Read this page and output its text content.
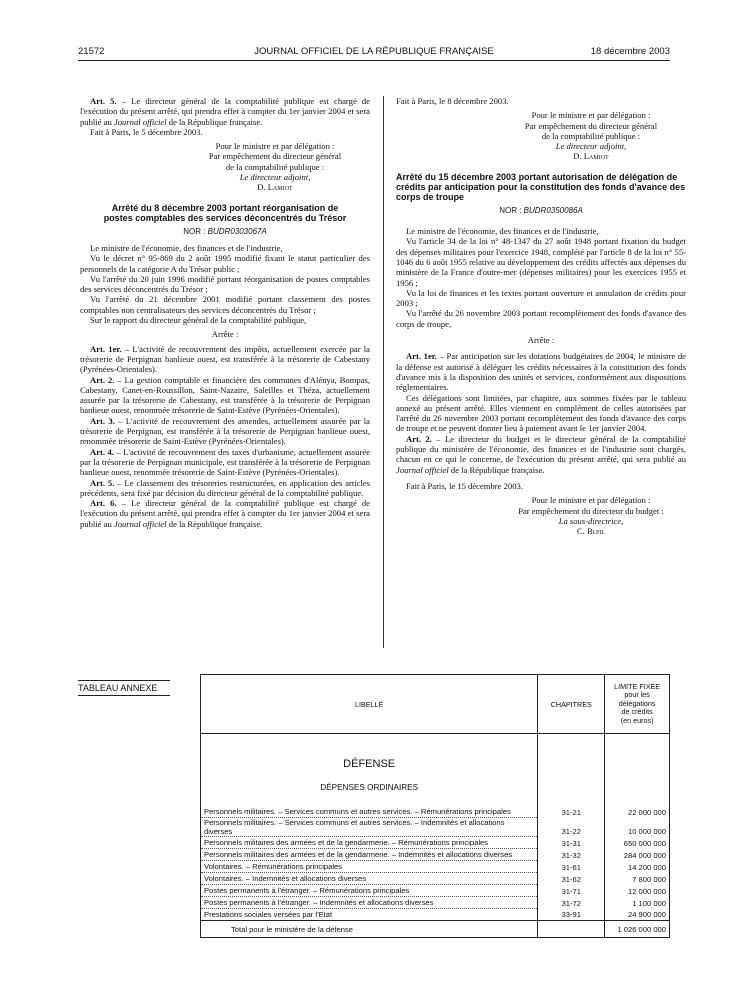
21572	JOURNAL OFFICIEL DE LA RÉPUBLIQUE FRANÇAISE	18 décembre 2003

Art. 5. – Le directeur général de la comptabilité publique est chargé de l'exécution du présent arrêté, qui prendra effet à compter du 1er janvier 2004 et sera publié au Journal officiel de la République française.

Fait à Paris, le 5 décembre 2003.

Pour le ministre et par délégation :
Par empêchement du directeur général
de la comptabilité publique :
Le directeur adjoint,
D. Lamiot
Arrêté du 8 décembre 2003 portant réorganisation de postes comptables des services déconcentrés du Trésor
NOR : BUDR0303067A

Le ministre de l'économie, des finances et de l'industrie,

Vu le décret n° 95-869 du 2 août 1995 modifié fixant le statut particulier des personnels de la catégorie A du Trésor public ;

Vu l'arrêté du 20 juin 1996 modifié portant réorganisation de postes comptables des services déconcentrés du Trésor ;

Vu l'arrêté du 21 décembre 2001 modifié portant classement des postes comptables non centralisateurs des services déconcentrés du Trésor ;

Sur le rapport du directeur général de la comptabilité publique,

Arrête :

Art. 1er. – L'activité de recouvrement des impôts, actuellement exercée par la trésorerie de Perpignan banlieue ouest, est transférée à la trésorerie de Cabestany (Pyrénées-Orientales).

Art. 2. – La gestion comptable et financière des communes d'Alénya, Bompas, Cabestany, Canet-en-Roussillon, Saint-Nazaire, Saleilles et Théza, actuellement assurée par la trésorerie de Cabestany, est transférée à la trésorerie de Perpignan banlieue ouest, renommée trésorerie de Saint-Estève (Pyrénées-Orientales).

Art. 3. – L'activité de recouvrement des amendes, actuellement assurée par la trésorerie de Perpignan, est transférée à la trésorerie de Perpignan banlieue ouest, renommée trésorerie de Saint-Estève (Pyrénées-Orientales).

Art. 4. – L'activité de recouvrement des taxes d'urbanisme, actuellement assurée par la trésorerie de Perpignan municipale, est transférée à la trésorerie de Perpignan banlieue ouest, renommée trésorerie de Saint-Estève (Pyrénées-Orientales).

Art. 5. – Le classement des trésoreries restructurées, en application des articles précédents, sera fixé par décision du directeur général de la comptabilité publique.

Art. 6. – Le directeur général de la comptabilité publique est chargé de l'exécution du présent arrêté, qui prendra effet à compter du 1er janvier 2004 et sera publié au Journal officiel de la République française.

Fait à Paris, le 8 décembre 2003.

Pour le ministre et par délégation :
Par empêchement du directeur général
de la comptabilité publique :
Le directeur adjoint,
D. Lamiot
Arrêté du 15 décembre 2003 portant autorisation de délégation de crédits par anticipation pour la constitution des fonds d'avance des corps de troupe
NOR : BUDR0350086A

Le ministre de l'économie, des finances et de l'industrie,

Vu l'article 34 de la loi n° 48-1347 du 27 août 1948 portant fixation du budget des dépenses militaires pour l'exercice 1948, complété par l'article 8 de la loi n° 55-1046 du 6 août 1955 relative au développement des crédits affectés aux dépenses du ministère de la France d'outre-mer (dépenses militaires) pour les exercices 1955 et 1956 ;

Vu la loi de finances et les textes portant ouverture et annulation de crédits pour 2003 ;

Vu l'arrêté du 26 novembre 2003 portant recomplètement des fonds d'avance des corps de troupe,

Arrête :

Art. 1er. – Par anticipation sur les dotations budgétaires de 2004, le ministre de la défense est autorisé à déléguer les crédits nécessaires à la constitution des fonds d'avance mis à la disposition des unités et services, conformément aux dispositions réglementaires.

Ces délégations sont limitées, par chapitre, aux sommes fixées par le tableau annexé au présent arrêté. Elles viennent en complément de celles autorisées par l'arrêté du 26 novembre 2003 portant recomplètement des fonds d'avance des corps de troupe et ne peuvent donner lieu à paiement avant le 1er janvier 2004.

Art. 2. – Le directeur du budget et le directeur général de la comptabilité publique du ministère de l'économie, des finances et de l'industrie sont chargés, chacun en ce qui le concerne, de l'exécution du présent arrêté, qui sera publié au Journal officiel de la République française.

Fait à Paris, le 15 décembre 2003.

Pour le ministre et par délégation :
Par empêchement du directeur du budget :
La sous-directrice,
C. Buhl
TABLEAU ANNEXE
LIBELLÉ	CHAPITRES	LIMITE FIXÉE
pour les
délégations
de crédits
(en euros)

DÉFENSE		
DÉPENSES ORDINAIRES		

Personnels militaires. – Services communs et autres services. – Rémunérations principales	31-21	22 000 000
Personnels militaires. – Services communs et autres services. – Indemnités et allocations diverses	31-22	10 000 000
Personnels militaires des armées et de la gendarmerie. – Rémunérations principales	31-31	650 000 000
Personnels militaires des armées et de la gendarmerie. – Indemnités et allocations diverses	31-32	284 000 000
Volontaires. – Rémunérations principales	31-61	14 200 000
Volontaires. – Indemnités et allocations diverses	31-62	7 800 000
Postes permanents à l'étranger. – Rémunérations principales	31-71	12 000 000
Postes permanents à l'étranger. – Indemnités et allocations diverses	31-72	1 100 000
Prestations sociales versées par l'Etat	33-91	24 900 000
Total pour le ministère de la défense		1 026 000 000
